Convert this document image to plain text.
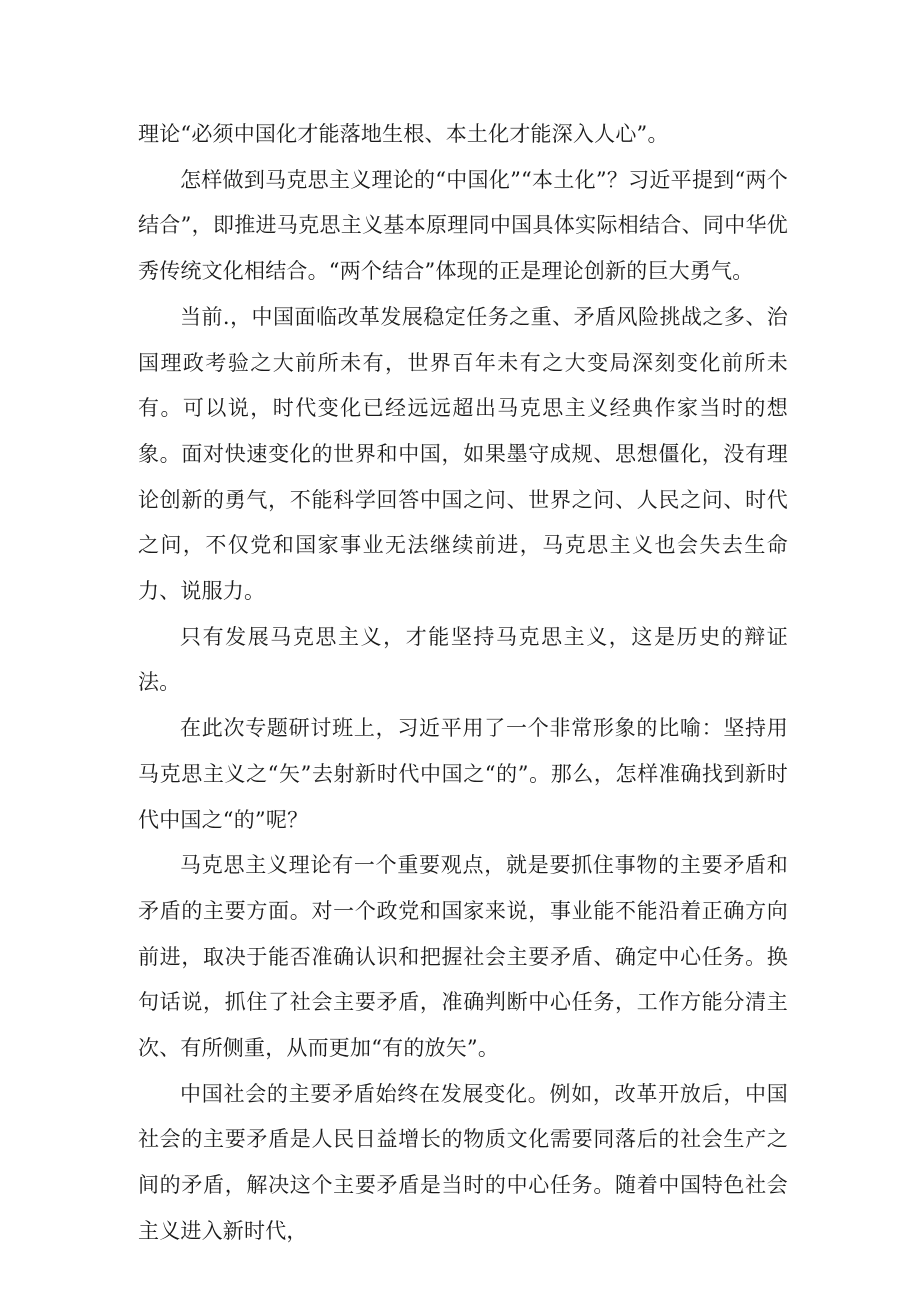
理论“必须中国化才能落地生根、本土化才能深入人心”。

怎样做到马克思主义理论的“中国化”“本土化”？习近平提到“两个结合”，即推进马克思主义基本原理同中国具体实际相结合、同中华优秀传统文化相结合。“两个结合”体现的正是理论创新的巨大勇气。

当前.，中国面临改革发展稳定任务之重、矛盾风险挑战之多、治国理政考验之大前所未有，世界百年未有之大变局深刻变化前所未有。可以说，时代变化已经远远超出马克思主义经典作家当时的想象。面对快速变化的世界和中国，如果墨守成规、思想僵化，没有理论创新的勇气，不能科学回答中国之问、世界之问、人民之问、时代之问，不仅党和国家事业无法继续前进，马克思主义也会失去生命力、说服力。

只有发展马克思主义，才能坚持马克思主义，这是历史的辩证法。

在此次专题研讨班上，习近平用了一个非常形象的比喻：坚持用马克思主义之“矢”去射新时代中国之“的”。那么，怎样准确找到新时代中国之“的”呢？

马克思主义理论有一个重要观点，就是要抓住事物的主要矛盾和矛盾的主要方面。对一个政党和国家来说，事业能不能沿着正确方向前进，取决于能否准确认识和把握社会主要矛盾、确定中心任务。换句话说，抓住了社会主要矛盾，准确判断中心任务，工作方能分清主次、有所侧重，从而更加“有的放矢”。

中国社会的主要矛盾始终在发展变化。例如，改革开放后，中国社会的主要矛盾是人民日益增长的物质文化需要同落后的社会生产之间的矛盾，解决这个主要矛盾是当时的中心任务。随着中国特色社会主义进入新时代，
